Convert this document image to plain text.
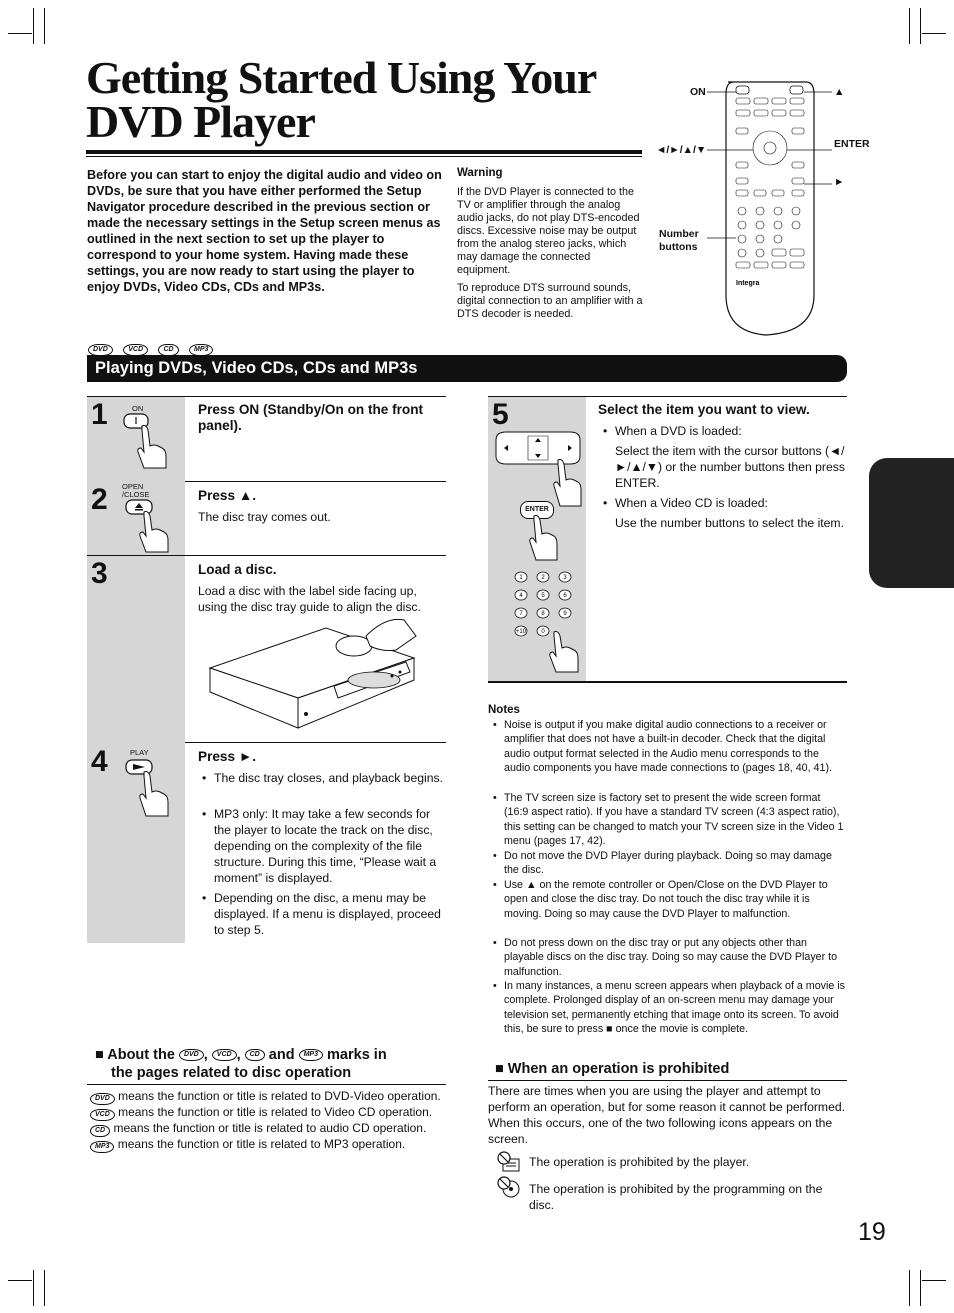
Getting Started Using Your
DVD Player
Before you can start to enjoy the digital audio and video on DVDs, be sure that you have either performed the Setup Navigator procedure described in the previous section or made the necessary settings in the Setup screen menus as outlined in the next section to set up the player to correspond to your home system. Having made these settings, you are now ready to start using the player to enjoy DVDs, Video CDs, CDs and MP3s.
Warning
If the DVD Player is connected to the TV or amplifier through the analog audio jacks, do not play DTS-encoded discs. Excessive noise may be output from the analog stereo jacks, which may damage the connected equipment.
To reproduce DTS surround sounds, digital connection to an amplifier with a DTS decoder is needed.
Integra
ON	▲
◄/►/▲/▼	ENTER
►
Number buttons
DVD	VCD	CD	MP3
Playing DVDs, Video CDs, CDs and MP3s
1	ON	Press ON (Standby/On on the front panel).
2 OPEN /CLOSE	Press ▲.
The disc tray comes out.
3	Load a disc.
Load a disc with the label side facing up, using the disc tray guide to align the disc.
4	PLAY	Press ►.
• The disc tray closes, and playback begins.
• MP3 only: It may take a few seconds for the player to locate the track on the disc, depending on the complexity of the file structure. During this time, “Please wait a moment” is displayed.
• Depending on the disc, a menu may be displayed. If a menu is displayed, proceed to step 5.
5
ENTER
1	2	3
4	5	6
7	8	9
+10	0
Select the item you want to view.
• When a DVD is loaded:
Select the item with the cursor buttons (◄/►/▲/▼) or the number buttons then press ENTER.
• When a Video CD is loaded:
Use the number buttons to select the item.
Notes
• Noise is output if you make digital audio connections to a receiver or amplifier that does not have a built-in decoder. Check that the digital audio output format selected in the Audio menu corresponds to the audio components you have made connections to (pages 18, 40, 41).
• The TV screen size is factory set to present the wide screen format (16:9 aspect ratio). If you have a standard TV screen (4:3 aspect ratio), this setting can be changed to match your TV screen size in the Video 1 menu (pages 17, 42).
• Do not move the DVD Player during playback. Doing so may damage the disc.
• Use ▲ on the remote controller or Open/Close on the DVD Player to open and close the disc tray. Do not touch the disc tray while it is moving. Doing so may cause the DVD Player to malfunction.
• Do not press down on the disc tray or put any objects other than playable discs on the disc tray. Doing so may cause the DVD Player to malfunction.
• In many instances, a menu screen appears when playback of a movie is complete. Prolonged display of an on-screen menu may damage your television set, permanently etching that image onto its screen. To avoid this, be sure to press ■ once the movie is complete.
■ About the DVD , VCD , CD and MP3 marks in
the pages related to disc operation
DVD means the function or title is related to DVD-Video operation.
VCD means the function or title is related to Video CD operation.
CD means the function or title is related to audio CD operation.
MP3 means the function or title is related to MP3 operation.
■ When an operation is prohibited
There are times when you are using the player and attempt to perform an operation, but for some reason it cannot be performed. When this occurs, one of the two following icons appears on the screen.
The operation is prohibited by the player.
The operation is prohibited by the programming on the disc.
19
